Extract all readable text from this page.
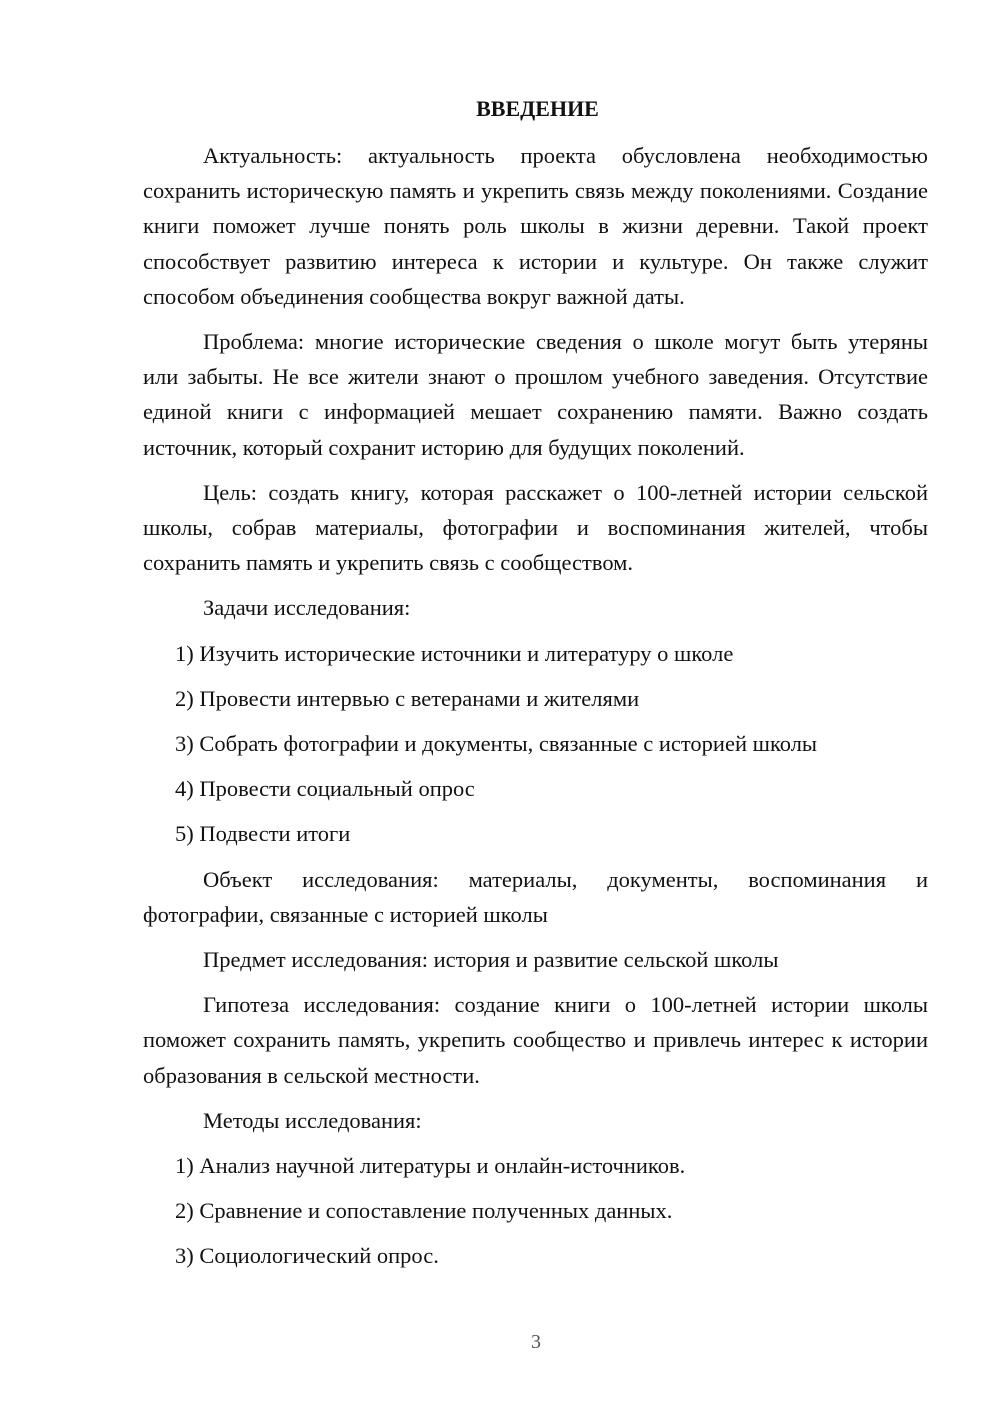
ВВЕДЕНИЕ

Актуальность: актуальность проекта обусловлена необходимостью сохранить историческую память и укрепить связь между поколениями. Создание книги поможет лучше понять роль школы в жизни деревни. Такой проект способствует развитию интереса к истории и культуре. Он также служит способом объединения сообщества вокруг важной даты.

Проблема: многие исторические сведения о школе могут быть утеряны или забыты. Не все жители знают о прошлом учебного заведения. Отсутствие единой книги с информацией мешает сохранению памяти. Важно создать источник, который сохранит историю для будущих поколений.

Цель: создать книгу, которая расскажет о 100-летней истории сельской школы, собрав материалы, фотографии и воспоминания жителей, чтобы сохранить память и укрепить связь с сообществом.

Задачи исследования:

1) Изучить исторические источники и литературу о школе

2) Провести интервью с ветеранами и жителями

3) Собрать фотографии и документы, связанные с историей школы

4) Провести социальный опрос

5) Подвести итоги

Объект исследования: материалы, документы, воспоминания и фотографии, связанные с историей школы

Предмет исследования: история и развитие сельской школы

Гипотеза исследования: создание книги о 100-летней истории школы поможет сохранить память, укрепить сообщество и привлечь интерес к истории образования в сельской местности.

Методы исследования:

1) Анализ научной литературы и онлайн-источников.

2) Сравнение и сопоставление полученных данных.

3) Социологический опрос.

3
